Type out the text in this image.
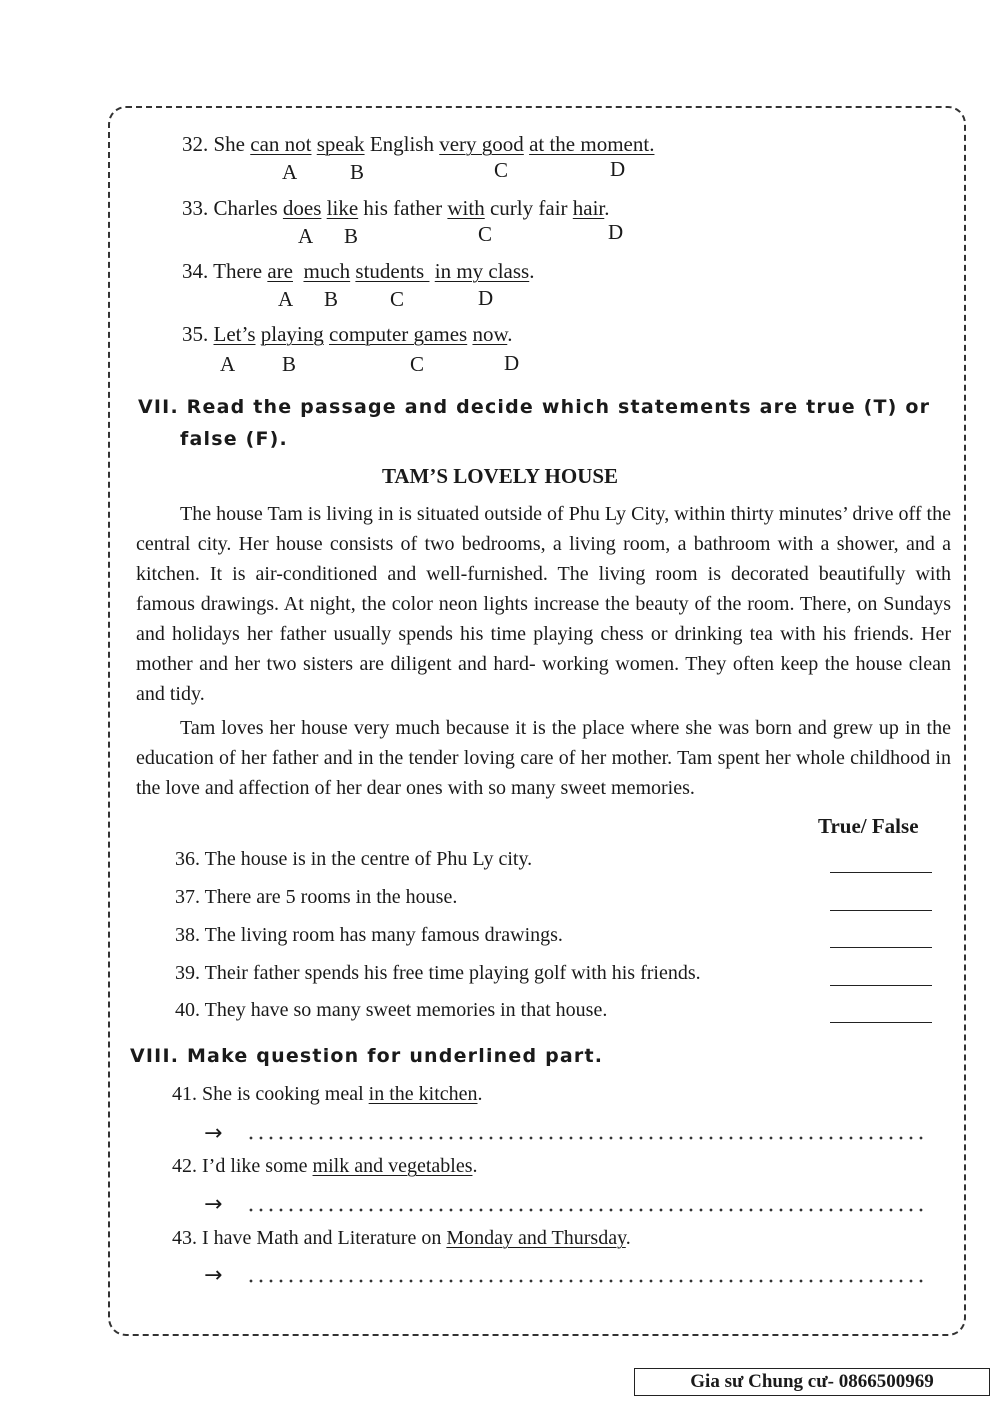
32. She can not speak English very good at the moment.
A	B	C	D
33. Charles does like his father with curly fair hair.
A B	C	D
34. There are much students  in my class.
A B C	D
35. Let’s playing computer games now.
A B	C	D
VII. Read the passage and decide which statements are true (T) or
false (F).
TAM’S LOVELY HOUSE
The house Tam is living in is situated outside of Phu Ly City, within thirty minutes’ drive off the central city. Her house consists of two bedrooms, a living room, a bathroom with a shower, and a kitchen. It is air-conditioned and well-furnished. The living room is decorated beautifully with famous drawings. At night, the color neon lights increase the beauty of the room. There, on Sundays and holidays her father usually spends his time playing chess or drinking tea with his friends. Her mother and her two sisters are diligent and hard- working women. They often keep the house clean and tidy.
Tam loves her house very much because it is the place where she was born and grew up in the education of her father and in the tender loving care of her mother. Tam spent her whole childhood in the love and affection of her dear ones with so many sweet memories.
True/ False
36. The house is in the centre of Phu Ly city.
37. There are 5 rooms in the house.
38. The living room has many famous drawings.
39. Their father spends his free time playing golf with his friends.
40. They have so many sweet memories in that house.
VIII. Make question for underlined part.
41. She is cooking meal in the kitchen.
→
42. I’d like some milk and vegetables.
→
43. I have Math and Literature on Monday and Thursday.
→
Gia sư Chung cư- 0866500969
